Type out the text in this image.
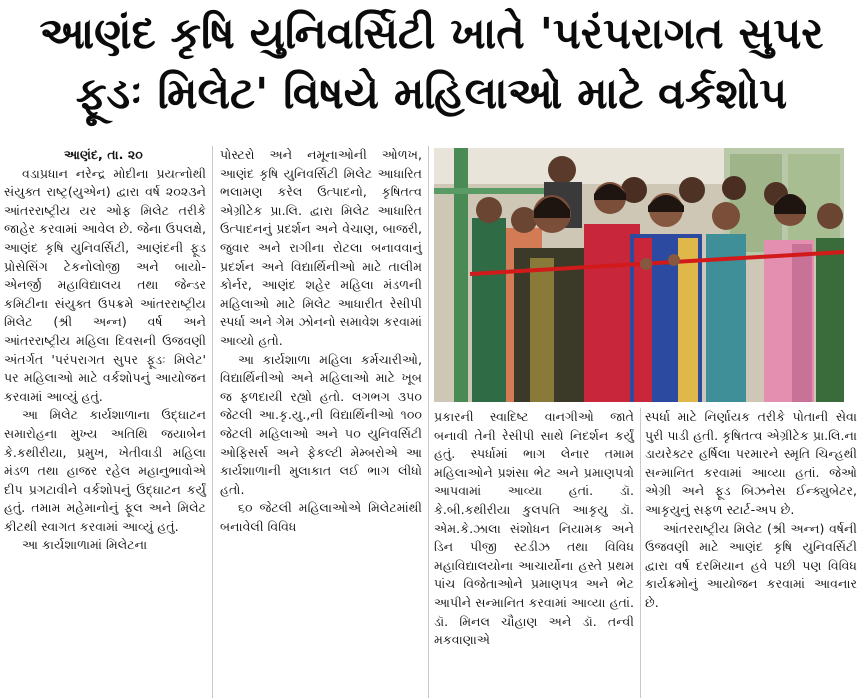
આણંદ કૃષિ યુનિવર્સિટી ખાતે 'પરંપરાગત સુપર
ફૂડઃ મિલેટ' વિષયે મહિલાઓ માટે વર્કશોપ
આણંદ, તા. ૨૦

વડાપ્રધાન નરેન્દ્ર મોદીના પ્રયત્નોથી સંયુક્ત રાષ્ટ્ર(યુએન) દ્વારા વર્ષ ૨૦૨૩ને આંતરરાષ્ટ્રીય યર ઓફ મિલેટ તરીકે જાહેર કરવામાં આવેલ છે. જેના ઉપલક્ષે, આણંદ કૃષિ યુનિવર્સિટી, આણંદની ફૂડ પ્રોસેસિંગ ટેકનોલોજી અને બાયો-એનર્જી મહાવિદ્યાલય તથા જેન્ડર કમિટીના સંયુક્ત ઉપક્રમે આંતરરાષ્ટ્રીય મિલેટ (શ્રી અન્ન) વર્ષ અને આંતરરાષ્ટ્રીય મહિલા દિવસની ઉજવણી અંતર્ગત 'પરંપરાગત સુપર ફૂડઃ મિલેટ' પર મહિલાઓ માટે વર્કશોપનું આયોજન કરવામાં આવ્યું હતું.

આ મિલેટ કાર્યશાળાના ઉદ્ઘાટન સમારોહના મુખ્ય અતિથિ જયાબેન કે.કથીરીયા, પ્રમુખ, ખેતીવાડી મહિલા મંડળ તથા હાજર રહેલ મહાનુભાવોએ દીપ પ્રગટાવીને વર્કશોપનું ઉદ્ઘાટન કર્યું હતું. તમામ મહેમાનોનું ફૂલ અને મિલેટ કીટથી સ્વાગત કરવામાં આવ્યું હતું.

આ કાર્યશાળામાં મિલેટના

પોસ્ટરો અને નમૂનાઓની ઓળખ, આણંદ કૃષિ યુનિવર્સિટી મિલેટ આધારિત ભલામણ કરેલ ઉત્પાદનો, કૃષિતત્વ એગ્રીટેક પ્રા.લિ. દ્વારા મિલેટ આધારિત ઉત્પાદનનું પ્રદર્શન અને વેચાણ, બાજરી, જુવાર અને રાગીના રોટલા બનાવવાનું પ્રદર્શન અને વિદ્યાર્થિનીઓ માટે તાલીમ કોર્નર, આણંદ શહેર મહિલા મંડળની મહિલાઓ માટે મિલેટ આધારીત રેસીપી સ્પર્ધા અને ગેમ ઝોનનો સમાવેશ કરવામાં આવ્યો હતો.

આ કાર્યશાળા મહિલા કર્મચારીઓ, વિદ્યાર્થિનીઓ અને મહિલાઓ માટે ખૂબ જ ફળદાયી રહ્યો હતો. લગભગ ૩૫૦ જેટલી આ.કૃ.યુ.,ની વિદ્યાર્થિનીઓ ૧૦૦ જેટલી મહિલાઓ અને ૫૦ યુનિવર્સિટી ઓફિસર્સ અને ફેકલ્ટી મેમ્બરોએ આ કાર્યશાળાની મુલાકાત લઈ ભાગ લીધો હતો.

૬૦ જેટલી મહિલાઓએ મિલેટમાંથી બનાવેલી વિવિધ

પ્રકારની સ્વાદિષ્ટ વાનગીઓ જાતે બનાવી તેની રેસીપી સાથે નિદર્શન કર્યું હતું. સ્પર્ધામાં ભાગ લેનાર તમામ મહિલાઓને પ્રશંસા ભેટ અને પ્રમાણપત્રો આપવામાં આવ્યા હતાં. ડૉ. કે.બી.કથીરીયા કુલપતિ આકૃયુ ડૉ. એમ.કે.ઝાલા સંશોધન નિયામક અને ડિન પીજી સ્ટડીઝ તથા વિવિધ મહાવિદ્યાલયોના આચાર્યોના હસ્તે પ્રથમ પાંચ વિજેતાઓને પ્રમાણપત્ર અને ભેટ આપીને સન્માનિત કરવામાં આવ્યા હતાં. ડૉ. મિનલ ચૌહાણ અને ડૉ. તન્વી મકવાણાએ

સ્પર્ધા માટે નિર્ણાયક તરીકે પોતાની સેવા પુરી પાડી હતી. કૃષિતત્વ એગ્રીટેક પ્રા.લિ.ના ડાયરેક્ટર હર્ષિલા પરમારને સ્મૃતિ ચિન્હથી સન્માનિત કરવામાં આવ્યા હતાં. જેઓ એગ્રી અને ફૂડ બિઝનેસ ઈન્ક્યુબેટર, આકૃયુનું સફળ સ્ટાર્ટ-અપ છે.

આંતરરાષ્ટ્રીય મિલેટ (શ્રી અન્ન) વર્ષની ઉજવણી માટે આણંદ કૃષિ યુનિવર્સિટી દ્વારા વર્ષ દરમિયાન હવે પછી પણ વિવિધ કાર્યક્રમોનું આયોજન કરવામાં આવનાર છે.
